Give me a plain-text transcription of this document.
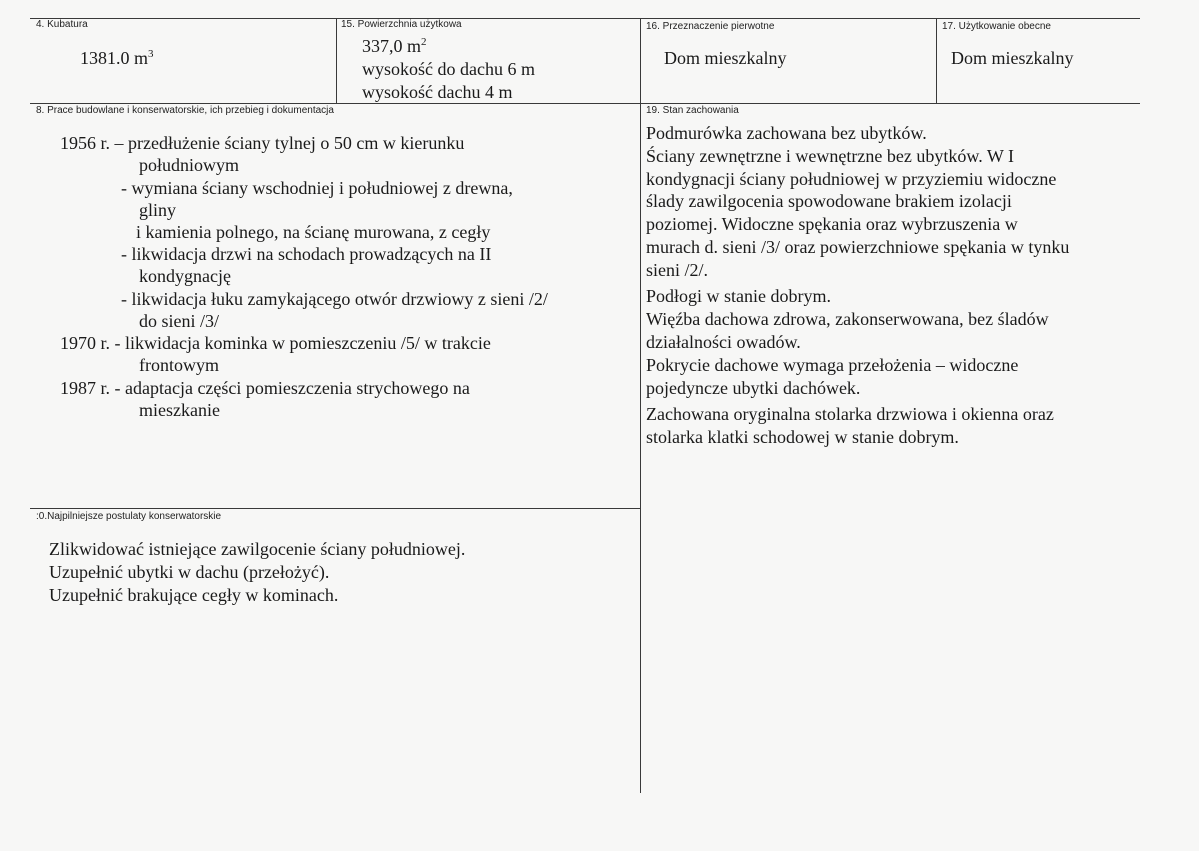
4. Kubatura
1381.0 $m^3$
15. Powierzchnia użytkowa
337,0 $m^2$
wysokość do dachu 6 m
wysokość dachu 4 m
16. Przeznaczenie pierwotne
Dom mieszkalny
17. Użytkowanie obecne
Dom mieszkalny
8. Prace budowlane i konserwatorskie, ich przebieg i dokumentacja
1956 r. – przedłużenie ściany tylnej o 50 cm w kierunku
południowym
- wymiana ściany wschodniej i południowej z drewna,
gliny
i kamienia polnego, na ścianę murowana, z cegły
- likwidacja drzwi na schodach prowadzących na II
kondygnację
- likwidacja łuku zamykającego otwór drzwiowy z sieni /2/
do sieni /3/
1970 r. - likwidacja kominka w pomieszczeniu /5/ w trakcie
frontowym
1987 r. - adaptacja części pomieszczenia strychowego na
mieszkanie
19. Stan zachowania
Podmurówka zachowana bez ubytków.
Ściany zewnętrzne i wewnętrzne bez ubytków. W I
kondygnacji ściany południowej w przyziemiu widoczne
ślady zawilgocenia spowodowane brakiem izolacji
poziomej. Widoczne spękania oraz wybrzuszenia w
murach d. sieni /3/ oraz powierzchniowe spękania w tynku
sieni /2/.
Podłogi w stanie dobrym.
Więźba dachowa zdrowa, zakonserwowana, bez śladów
działalności owadów.
Pokrycie dachowe wymaga przełożenia – widoczne
pojedyncze ubytki dachówek.
Zachowana oryginalna stolarka drzwiowa i okienna oraz
stolarka klatki schodowej w stanie dobrym.
:0.Najpilniejsze postulaty konserwatorskie
Zlikwidować istniejące zawilgocenie ściany południowej.
Uzupełnić ubytki w dachu (przełożyć).
Uzupełnić brakujące cegły w kominach.
